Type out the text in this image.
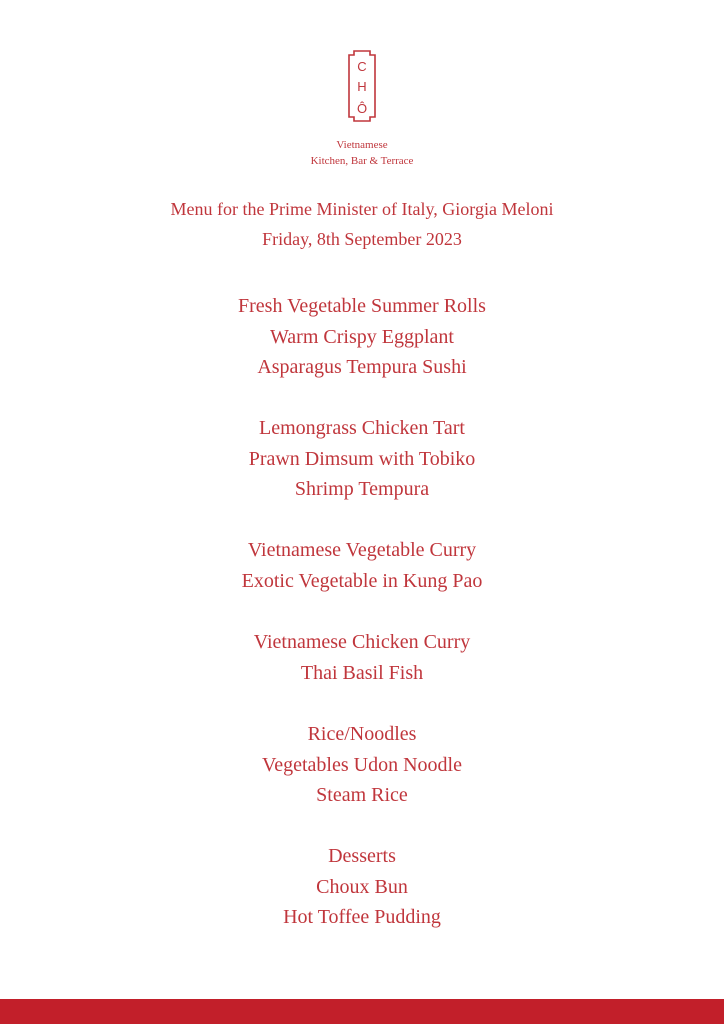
C
H
Ô
Vietnamese
Kitchen, Bar & Terrace
Menu for the Prime Minister of Italy, Giorgia Meloni
Friday, 8th September 2023
Fresh Vegetable Summer Rolls
Warm Crispy Eggplant
Asparagus Tempura Sushi
Lemongrass Chicken Tart
Prawn Dimsum with Tobiko
Shrimp Tempura
Vietnamese Vegetable Curry
Exotic Vegetable in Kung Pao
Vietnamese Chicken Curry
Thai Basil Fish
Rice/Noodles
Vegetables Udon Noodle
Steam Rice
Desserts
Choux Bun
Hot Toffee Pudding
